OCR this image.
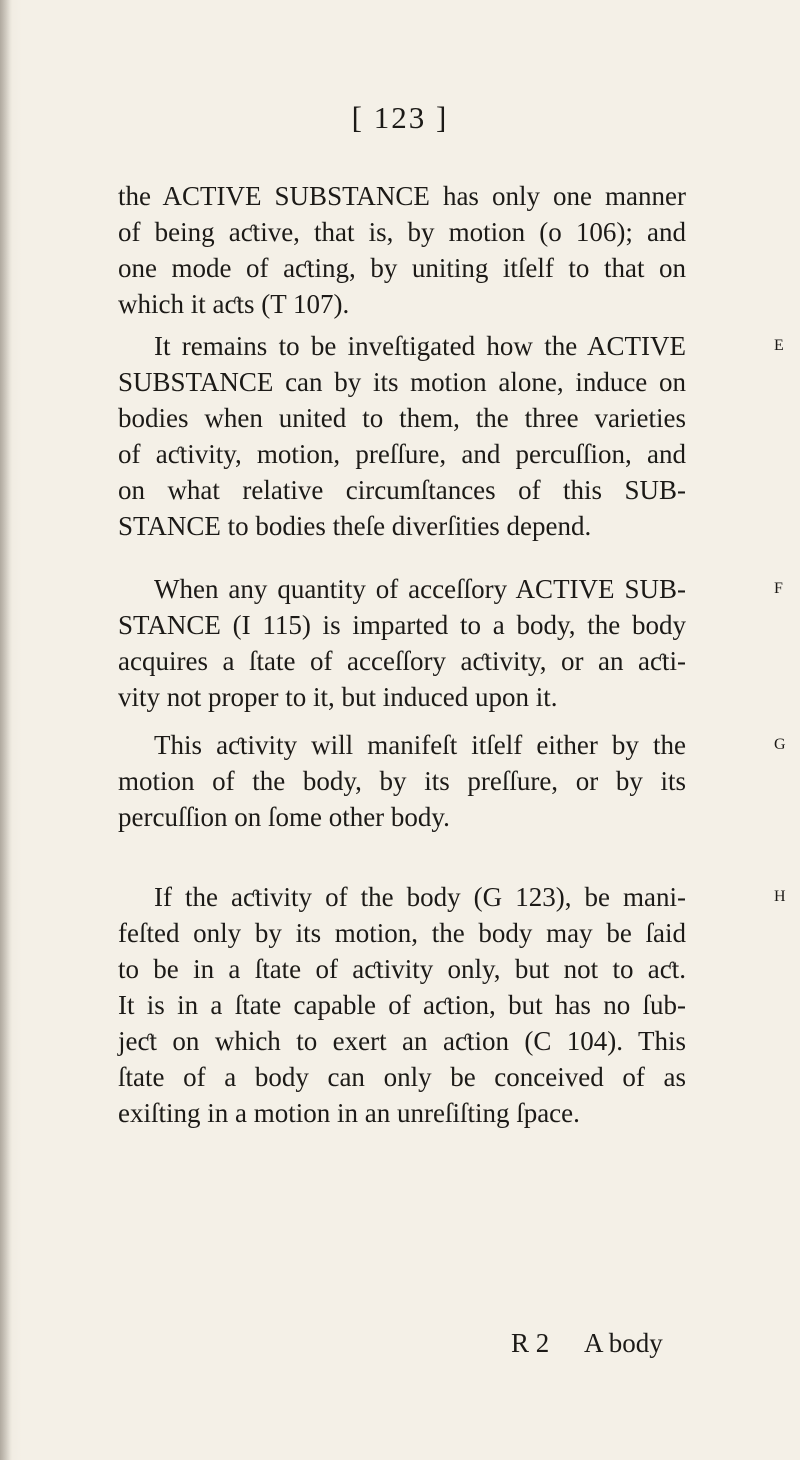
[ 123 ]
the ACTIVE SUBSTANCE has only one manner
of being aƈtive, that is, by motion (o 106); and
one mode of aƈting, by uniting itſelf to that on
which it aƈts (T 107).
It remains to be inveſtigated how the ACTIVE
SUBSTANCE can by its motion alone, induce on
bodies when united to them, the three varieties
of aƈtivity, motion, preſſure, and percuſſion, and
on what relative circumſtances of this SUB-
STANCE to bodies theſe diverſities depend.
When any quantity of acceſſory ACTIVE SUB-
STANCE (I 115) is imparted to a body, the body
acquires a ſtate of acceſſory aƈtivity, or an aƈti-
vity not proper to it, but induced upon it.
This aƈtivity will manifeſt itſelf either by the
motion of the body, by its preſſure, or by its
percuſſion on ſome other body.
If the aƈtivity of the body (G 123), be mani-
feſted only by its motion, the body may be ſaid
to be in a ſtate of aƈtivity only, but not to aƈt.
It is in a ſtate capable of aƈtion, but has no ſub-
jeƈt on which to exert an aƈtion (C 104). This
ſtate of a body can only be conceived of as
exiſting in a motion in an unreſiſting ſpace.
E
F
G
H
R 2 A body
